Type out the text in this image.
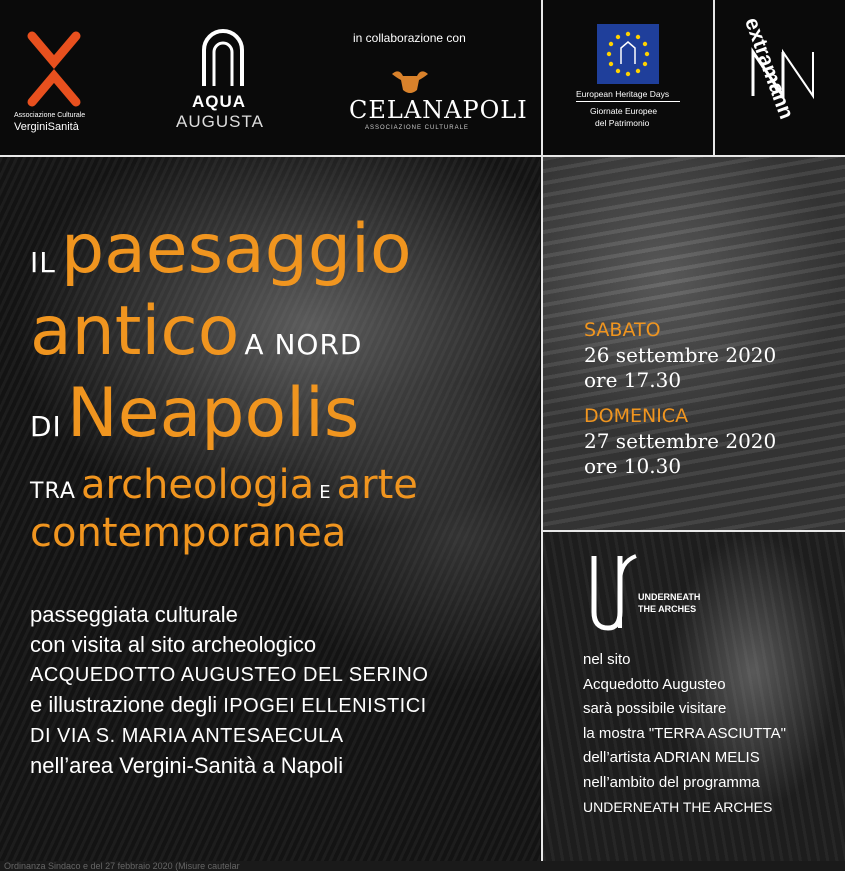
Associazione Culturale
VerginiSanità
AQUA
AUGUSTA
in collaborazione con
CELANAPOLI
ASSOCIAZIONE CULTURALE
European Heritage Days
Giornate Europee
del Patrimonio
extramann
IL paesaggio
antico A NORD
DI Neapolis
TRA archeologia E arte
contemporanea
passeggiata culturale
con visita al sito archeologico
ACQUEDOTTO AUGUSTEO DEL SERINO
e illustrazione degli IPOGEI ELLENISTICI
DI VIA S. MARIA ANTESAECULA
nell’area Vergini-Sanità a Napoli
SABATO
26 settembre 2020
ore 17.30
DOMENICA
27 settembre 2020
ore 10.30
UNDERNEATH
THE ARCHES
nel sito
Acquedotto Augusteo
sarà possibile visitare
la mostra "TERRA ASCIUTTA"
dell’artista ADRIAN MELIS
nell’ambito del programma
UNDERNEATH THE ARCHES
Ordinanza Sindaco e del 27 febbraio 2020 (Misure cautelar
